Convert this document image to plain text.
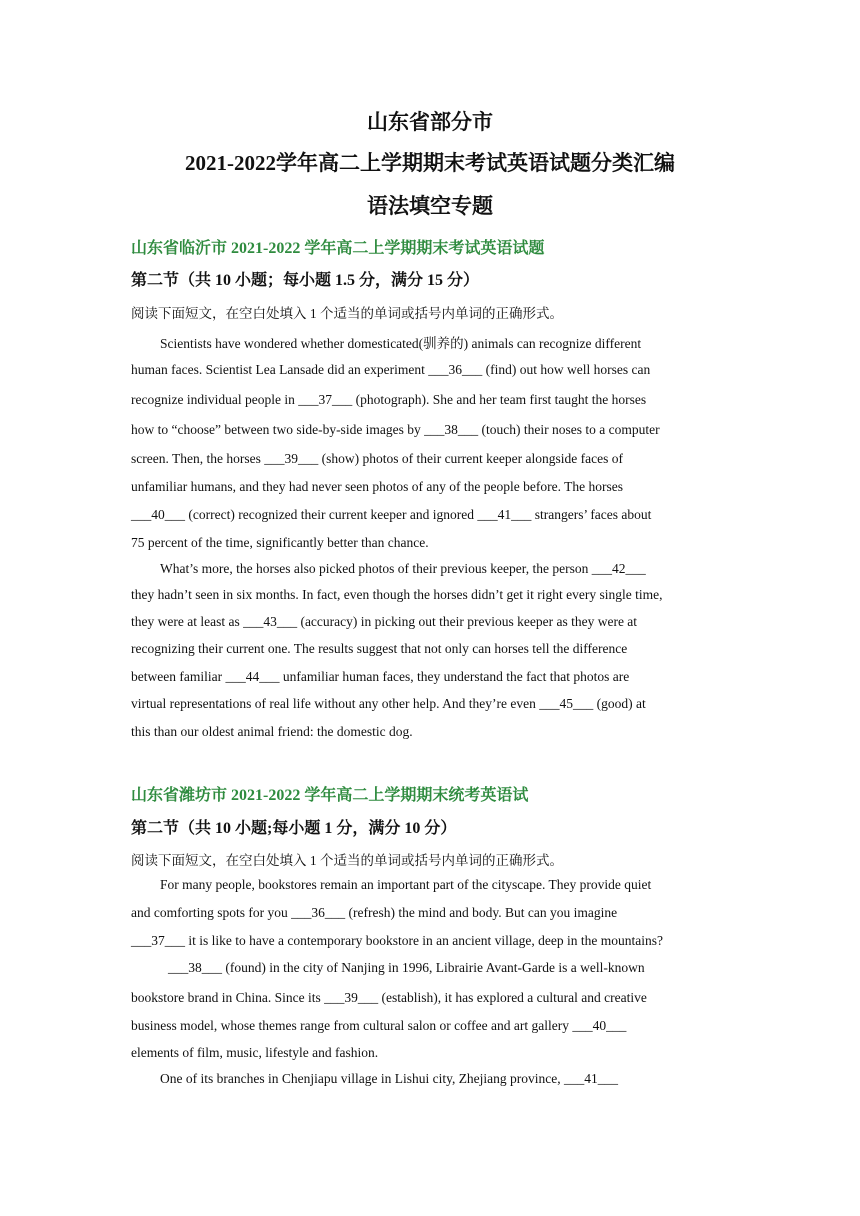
山东省部分市
2021-2022学年高二上学期期末考试英语试题分类汇编
语法填空专题
山东省临沂市 2021-2022 学年高二上学期期末考试英语试题
第二节（共 10 小题；每小题 1.5 分，满分 15 分）
阅读下面短文，在空白处填入 1 个适当的单词或括号内单词的正确形式。
Scientists have wondered whether domesticated(驯养的) animals can recognize different
human faces. Scientist Lea Lansade did an experiment ___36___ (find) out how well horses can
recognize individual people in ___37___ (photograph). She and her team first taught the horses
how to “choose” between two side-by-side images by ___38___ (touch) their noses to a computer
screen. Then, the horses ___39___ (show) photos of their current keeper alongside faces of
unfamiliar humans, and they had never seen photos of any of the people before. The horses
___40___ (correct) recognized their current keeper and ignored ___41___ strangers’ faces about
75 percent of the time, significantly better than chance.
What’s more, the horses also picked photos of their previous keeper, the person ___42___
they hadn’t seen in six months. In fact, even though the horses didn’t get it right every single time,
they were at least as ___43___ (accuracy) in picking out their previous keeper as they were at
recognizing their current one. The results suggest that not only can horses tell the difference
between familiar ___44___ unfamiliar human faces, they understand the fact that photos are
virtual representations of real life without any other help. And they’re even ___45___ (good) at
this than our oldest animal friend: the domestic dog.
山东省潍坊市 2021-2022 学年高二上学期期末统考英语试
第二节（共 10 小题;每小题 1 分，满分 10 分）
阅读下面短文，在空白处填入 1 个适当的单词或括号内单词的正确形式。
For many people, bookstores remain an important part of the cityscape. They provide quiet
and comforting spots for you ___36___ (refresh) the mind and body. But can you imagine
___37___ it is like to have a contemporary bookstore in an ancient village, deep in the mountains?
___38___ (found) in the city of Nanjing in 1996, Librairie Avant-Garde is a well-known
bookstore brand in China. Since its ___39___ (establish), it has explored a cultural and creative
business model, whose themes range from cultural salon or coffee and art gallery ___40___
elements of film, music, lifestyle and fashion.
One of its branches in Chenjiapu village in Lishui city, Zhejiang province, ___41___
